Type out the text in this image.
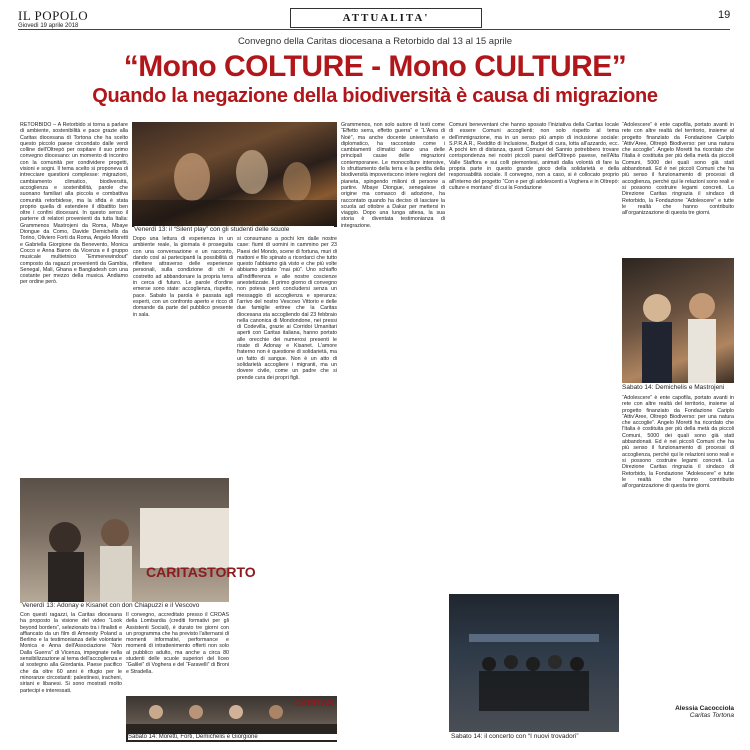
IL POPOLO
Giovedì 19 aprile 2018
ATTUALITA'	19
Convegno della Caritas diocesana a Retorbido dal 13 al 15 aprile
“Mono COLTURE - Mono CULTURE”
Quando la negazione della biodiversità è causa di migrazione

RETORBIDO – A Retorbido si torna a parlare di ambiente, sostenibilità e pace grazie alla Caritas diocesana di Tortona che ha scelto questo piccolo paese circondato dalle verdi colline dell'Oltrepò per ospitare il suo primo convegno diocesano: un momento di incontro con la comunità per condividere progetti, visioni e sogni. Il tema scelto si proponeva di intrecciare questioni complesse: migrazioni, cambiamento climatico, biodiversità, accoglienza e sostenibilità, parole che suonano familiari alla piccola e combattiva comunità retorbidese, ma la sfida è stata proprio quella di estendere il dibattito ben oltre i confini diocesani. In questo senso il parterre di relatori provenienti da tutta Italia: Grammenos Mastrojeni da Roma, Mbaye Diongue da Como, Davide Demichelis da Torino, Oliviero Forti da Roma, Angelo Moretti e Gabriella Giorgione da Benevento, Monica Cocco e Anna Baron da Vicenza e il gruppo musicale multietnico “Emmerewindout” composto da ragazzi provenienti da Gambia, Senegal, Mali, Ghana e Bangladesh con una costante per mezzo della musica. Andiamo per ordine però.

Venerdì 13: il “Silent play” con gli studenti delle scuole
CARITASTORTO
Venerdì 13: Adonay e Kisanet con don Chiapuzzi e il Vescovo

Dopo una lettura di esperienza in un ambiente reale, la giornata è proseguita con una conversazione e un racconto, dando così ai partecipanti la possibilità di riflettere attraverso delle esperienze personali, sulla condizione di chi è costretto ad abbandonare la propria terra in cerca di futuro. Le parole d'ordine emerse sono state: accoglienza, rispetto, pace. Sabato la parola è passata agli esperti, con un confronto aperto e ricco di domande da parte del pubblico presente in sala.

Con questi ragazzi, la Caritas diocesana ha proposto la visione del video “Look beyond borders”, selezionato tra i finalisti e affiancato da un film di Amnesty Poland a Berlino e la testimonianza delle volontarie Monica e Anna dell'Associazione “Non Dalla Guerra” di Vicenza, impegnate nella sensibilizzazione al tema dell'accoglienza e al sostegno alla Giordania. Paese pacifico che da oltre 60 anni è rifugio per le minoranze circostanti: palestinesi, iracheni, siriani e libanesi. Si sono mostrati molto partecipi e interessati.

Il convegno, accreditato presso il CROAS della Lombardia (crediti formativi per gli Assistenti Sociali), è durato tre giorni con un programma che ha previsto l'alternarsi di momenti informativi, performance e momenti di intrattenimento offerti non solo al pubblico adulto, ma anche a circa 80 studenti delle scuole superiori del liceo “Galilei” di Voghera e del “Faravelli” di Broni e Stradella.

si consumano a pochi km dalle nostre case: fiumi di uomini in cammino per 23 Paesi del Mondo, scene di fortuna, muri di mattoni e filo spinato a ricordarci che tutto questo l'abbiamo già visto e che più volte abbiamo gridato “mai più”. Uno schiaffo all'indifferenza e alle nostre coscienze anestetizzate. Il primo giorno di convegno non poteva però concludersi senza un messaggio di accoglienza e speranza: l'arrivo del nostro Vescovo Vittorio e delle due famiglie eritree che la Caritas diocesana sta accogliendo dal 23 febbraio nella canonica di Mondondone, nei pressi di Codevilla, grazie ai Corridoi Umanitari aperti con Caritas italiana, hanno portato alle orecchie dei numerosi presenti le risate di Adonay e Kisanet. L'amore fraterno non è questione di solidarietà, ma un fatto di sangue. Non è un atto di solidarietà accogliere i migranti, ma un dovere civile, come un padre che si prende cura dei propri figli.

Grammenos, non solo autore di testi come “Effetto serra, effetto guerra” e “L'Area di Noè”, ma anche docente universitario e diplomatico, ha raccontato come i cambiamenti climatici siano una delle principali cause delle migrazioni contemporanee. Le monocolture intensive, lo sfruttamento della terra e la perdita della biodiversità impoveriscono intere regioni del pianeta, spingendo milioni di persone a partire. Mbaye Diongue, senegalese di origine ma comasco di adozione, ha raccontato quando ha deciso di lasciare la scuola ad ottobre a Dakar per mettersi in viaggio. Dopo una lunga attesa, la sua storia è diventata testimonianza di integrazione.

CARITAS
Sabato 14: Moretti, Forti, Demichelis e Giorgione	Sabato 14: il concerto con “I nuovi trovadori”
Sabato 14: Demichelis e Mastrojeni

Comuni beneventani che hanno sposato l'iniziativa della Caritas locale di essere Comuni accoglienti; non solo rispetto al tema dell'immigrazione, ma in un senso più ampio di inclusione sociale: S.P.R.A.R., Reddito di Inclusione, Budget di cura, lotta all'azzardo, ecc. A pochi km di distanza, questi Comuni del Sannio potrebbero trovare corrispondenza nei nostri piccoli paesi dell'Oltrepò pavese, nell'Alta Valle Staffora e sui colli piemontesi, animati dalla volontà di fare la propria parte in questo grande gioco della solidarietà e della responsabilità sociale. Il convegno, non a caso, si è collocato proprio all'interno del progetto “Con e per gli adolescenti a Voghera e in Oltrepò: culture e montano” di cui la Fondazione

“Adolescere” è ente capofila, portato avanti in rete con altre realtà del territorio, insieme al progetto finanziato da Fondazione Cariplo “Attiv'Aree, Oltrepò Biodiverso: per una natura che accoglie”. Angelo Moretti ha ricordato che l'Italia è costituita per più della metà da piccoli Comuni, 5000 dei quali sono già stati abbandonati. Ed è nei piccoli Comuni che ha più senso il funzionamento di processi di accoglienza, perché qui le relazioni sono reali e si possono costruire legami concreti. La Direzione Caritas ringrazia il sindaco di Retorbido, la Fondazione “Adolescere” e tutte le realtà che hanno contribuito all'organizzazione di questa tre giorni.

“Adolescere” è ente capofila, portato avanti in rete con altre realtà del territorio, insieme al progetto finanziato da Fondazione Cariplo “Attiv'Aree, Oltrepò Biodiverso: per una natura che accoglie”. Angelo Moretti ha ricordato che l'Italia è costituita per più della metà da piccoli Comuni, 5000 dei quali sono già stati abbandonati. Ed è nei piccoli Comuni che ha più senso il funzionamento di processi di accoglienza, perché qui le relazioni sono reali e si possono costruire legami concreti. La Direzione Caritas ringrazia il sindaco di Retorbido, la Fondazione “Adolescere” e tutte le realtà che hanno contribuito all'organizzazione di questa tre giorni.

Alessia Cacocciola
Caritas Tortona
